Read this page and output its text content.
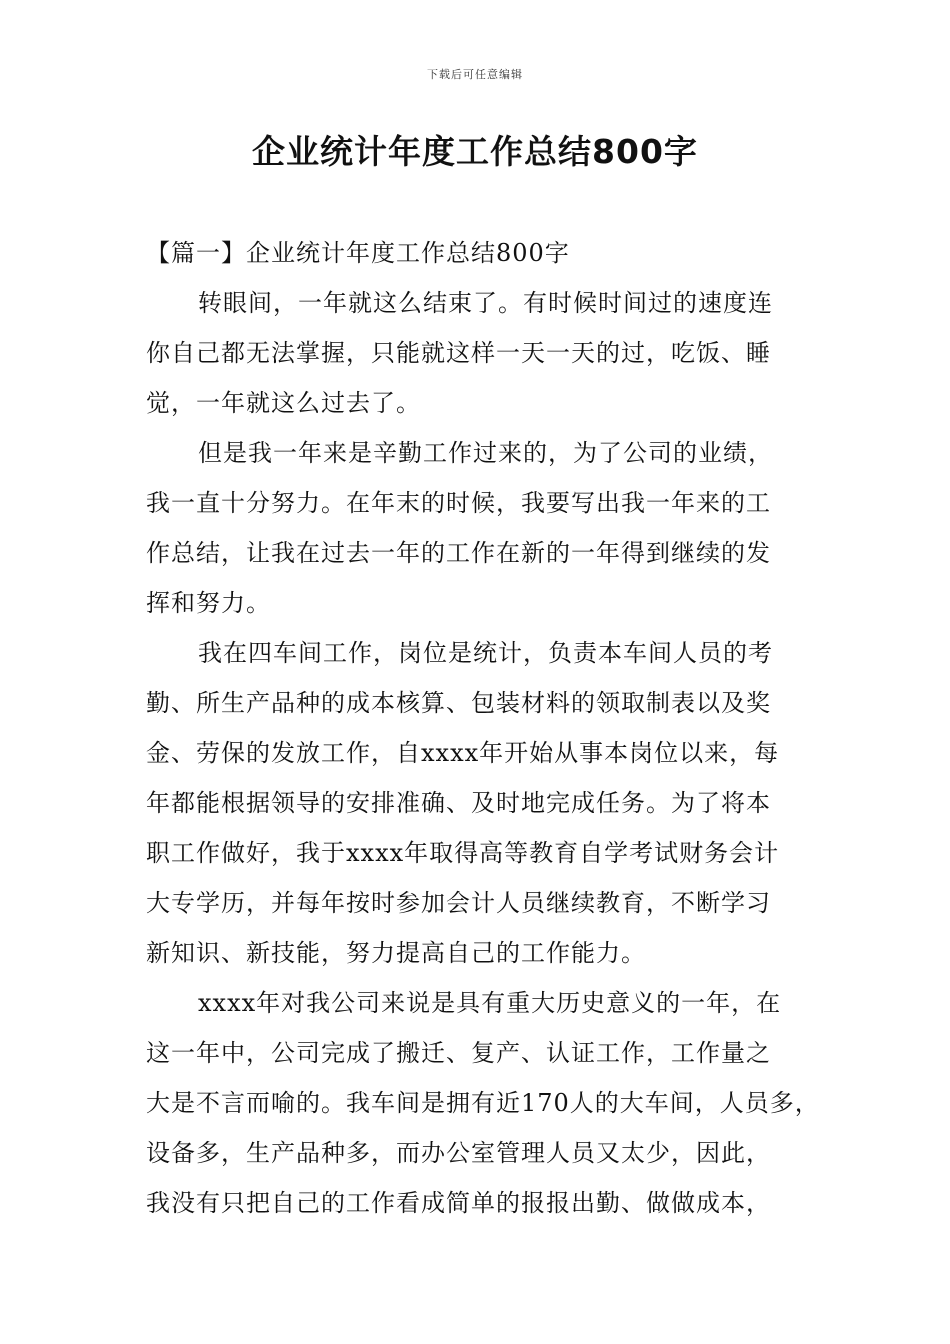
下载后可任意编辑
企业统计年度工作总结800字

【篇一】企业统计年度工作总结800字

转眼间，一年就这么结束了。有时候时间过的速度连
你自己都无法掌握，只能就这样一天一天的过，吃饭、睡
觉，一年就这么过去了。

但是我一年来是辛勤工作过来的，为了公司的业绩，
我一直十分努力。在年末的时候，我要写出我一年来的工
作总结，让我在过去一年的工作在新的一年得到继续的发
挥和努力。

我在四车间工作，岗位是统计，负责本车间人员的考
勤、所生产品种的成本核算、包装材料的领取制表以及奖
金、劳保的发放工作，自xxxx年开始从事本岗位以来，每
年都能根据领导的安排准确、及时地完成任务。为了将本
职工作做好，我于xxxx年取得高等教育自学考试财务会计
大专学历，并每年按时参加会计人员继续教育，不断学习
新知识、新技能，努力提高自己的工作能力。

xxxx年对我公司来说是具有重大历史意义的一年，在
这一年中，公司完成了搬迁、复产、认证工作，工作量之
大是不言而喻的。我车间是拥有近170人的大车间，人员多，
设备多，生产品种多，而办公室管理人员又太少，因此，
我没有只把自己的工作看成简单的报报出勤、做做成本，
